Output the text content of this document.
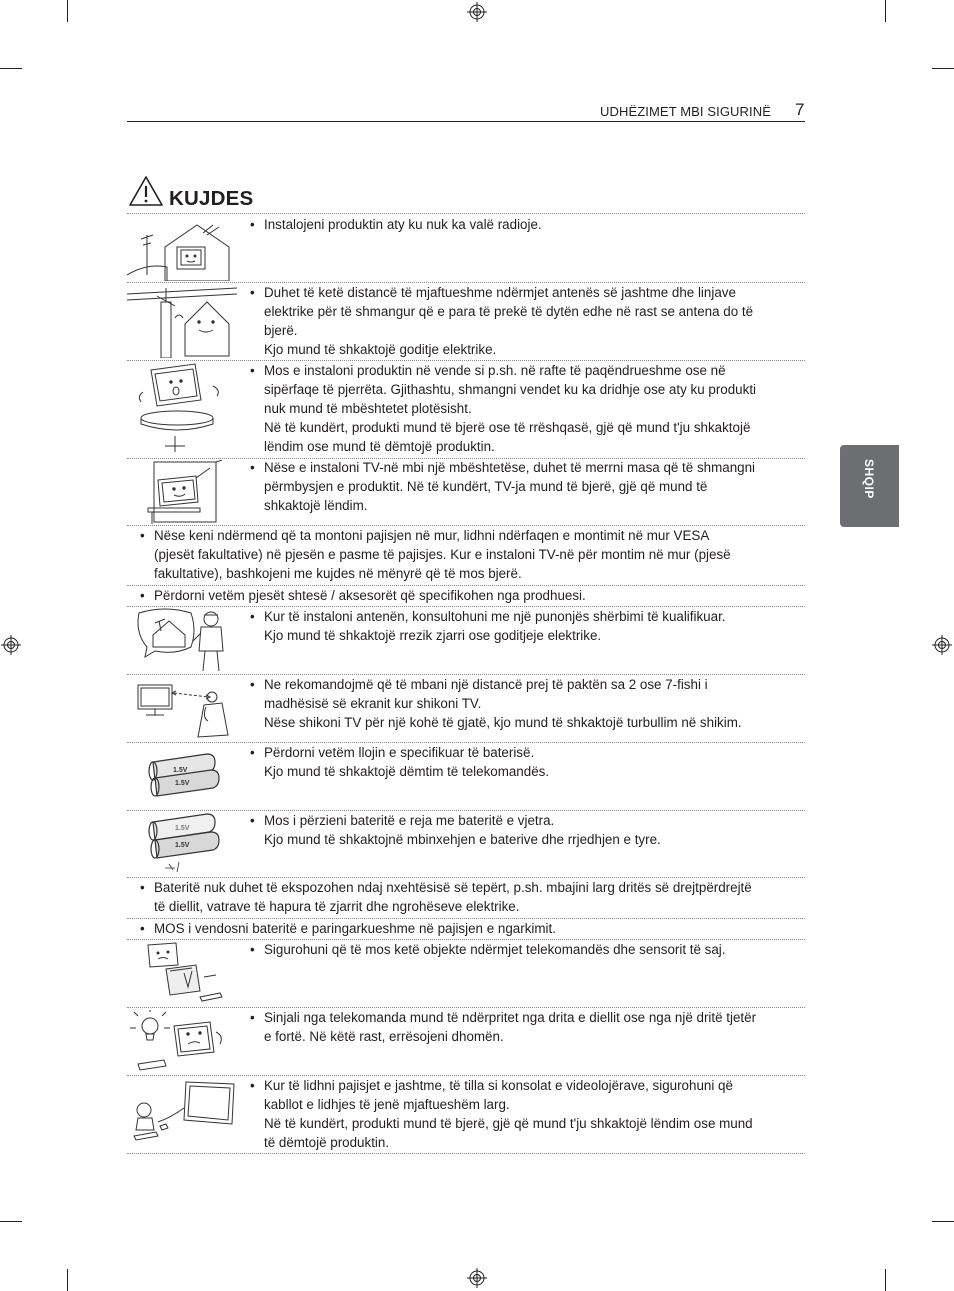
UDHËZIMET MBI SIGURINË 7
SHQIP
KUJDES
• Instalojeni produktin aty ku nuk ka valë radioje.
• Duhet të ketë distancë të mjaftueshme ndërmjet antenës së jashtme dhe linjave
elektrike për të shmangur që e para të prekë të dytën edhe në rast se antena do të
bjerë.
Kjo mund të shkaktojë goditje elektrike.
• Mos e instaloni produktin në vende si p.sh. në rafte të paqëndrueshme ose në
sipërfaqe të pjerrëta. Gjithashtu, shmangni vendet ku ka dridhje ose aty ku produkti
nuk mund të mbështetet plotësisht.
Në të kundërt, produkti mund të bjerë ose të rrëshqasë, gjë që mund t'ju shkaktojë
lëndim ose mund të dëmtojë produktin.
• Nëse e instaloni TV-në mbi një mbështetëse, duhet të merrni masa që të shmangni
përmbysjen e produktit. Në të kundërt, TV-ja mund të bjerë, gjë që mund të
shkaktojë lëndim.
• Nëse keni ndërmend që ta montoni pajisjen në mur, lidhni ndërfaqen e montimit në mur VESA
(pjesët fakultative) në pjesën e pasme të pajisjes. Kur e instaloni TV-në për montim në mur (pjesë
fakultative), bashkojeni me kujdes në mënyrë që të mos bjerë.
• Përdorni vetëm pjesët shtesë / aksesorët që specifikohen nga prodhuesi.
• Kur të instaloni antenën, konsultohuni me një punonjës shërbimi të kualifikuar.
Kjo mund të shkaktojë rrezik zjarri ose goditjeje elektrike.
• Ne rekomandojmë që të mbani një distancë prej të paktën sa 2 ose 7-fishi i
madhësisë së ekranit kur shikoni TV.
Nëse shikoni TV për një kohë të gjatë, kjo mund të shkaktojë turbullim në shikim.
• Përdorni vetëm llojin e specifikuar të baterisë.
Kjo mund të shkaktojë dëmtim të telekomandës.
• Mos i përzieni bateritë e reja me bateritë e vjetra.
Kjo mund të shkaktojnë mbinxehjen e baterive dhe rrjedhjen e tyre.
• Bateritë nuk duhet të ekspozohen ndaj nxehtësisë së tepërt, p.sh. mbajini larg dritës së drejtpërdrejtë
të diellit, vatrave të hapura të zjarrit dhe ngrohëseve elektrike.
• MOS i vendosni bateritë e paringarkueshme në pajisjen e ngarkimit.
• Sigurohuni që të mos ketë objekte ndërmjet telekomandës dhe sensorit të saj.
• Sinjali nga telekomanda mund të ndërpritet nga drita e diellit ose nga një dritë tjetër
e fortë. Në këtë rast, errësojeni dhomën.
• Kur të lidhni pajisjet e jashtme, të tilla si konsolat e videolojërave, sigurohuni që
kabllot e lidhjes të jenë mjaftueshëm larg.
Në të kundërt, produkti mund të bjerë, gjë që mund t'ju shkaktojë lëndim ose mund
të dëmtojë produktin.
1.5V
1.5V
1.5V
1.5V
